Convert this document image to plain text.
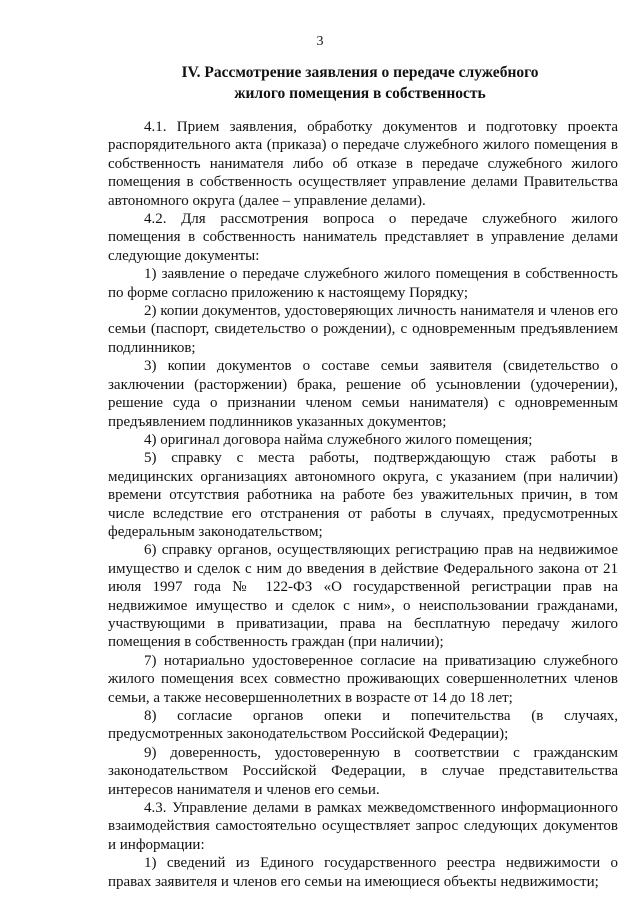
3
IV. Рассмотрение заявления о передаче служебного
жилого помещения в собственность

4.1. Прием заявления, обработку документов и подготовку проекта распорядительного акта (приказа) о передаче служебного жилого помещения в собственность нанимателя либо об отказе в передаче служебного жилого помещения в собственность осуществляет управление делами Правительства автономного округа (далее – управление делами).

4.2. Для рассмотрения вопроса о передаче служебного жилого помещения в собственность наниматель представляет в управление делами следующие документы:

1) заявление о передаче служебного жилого помещения в собственность по форме согласно приложению к настоящему Порядку;

2) копии документов, удостоверяющих личность нанимателя и членов его семьи (паспорт, свидетельство о рождении), с одновременным предъявлением подлинников;

3) копии документов о составе семьи заявителя (свидетельство о заключении (расторжении) брака, решение об усыновлении (удочерении), решение суда о признании членом семьи нанимателя) с одновременным предъявлением подлинников указанных документов;

4) оригинал договора найма служебного жилого помещения;

5) справку с места работы, подтверждающую стаж работы в медицинских организациях автономного округа, с указанием (при наличии) времени отсутствия работника на работе без уважительных причин, в том числе вследствие его отстранения от работы в случаях, предусмотренных федеральным законодательством;

6) справку органов, осуществляющих регистрацию прав на недвижимое имущество и сделок с ним до введения в действие Федерального закона от 21 июля 1997 года № 122-ФЗ «О государственной регистрации прав на недвижимое имущество и сделок с ним», о неиспользовании гражданами, участвующими в приватизации, права на бесплатную передачу жилого помещения в собственность граждан (при наличии);

7) нотариально удостоверенное согласие на приватизацию служебного жилого помещения всех совместно проживающих совершеннолетних членов семьи, а также несовершеннолетних в возрасте от 14 до 18 лет;

8) согласие органов опеки и попечительства (в случаях, предусмотренных законодательством Российской Федерации);

9) доверенность, удостоверенную в соответствии с гражданским законодательством Российской Федерации, в случае представительства интересов нанимателя и членов его семьи.

4.3. Управление делами в рамках межведомственного информационного взаимодействия самостоятельно осуществляет запрос следующих документов и информации:

1) сведений из Единого государственного реестра недвижимости о правах заявителя и членов его семьи на имеющиеся объекты недвижимости;
